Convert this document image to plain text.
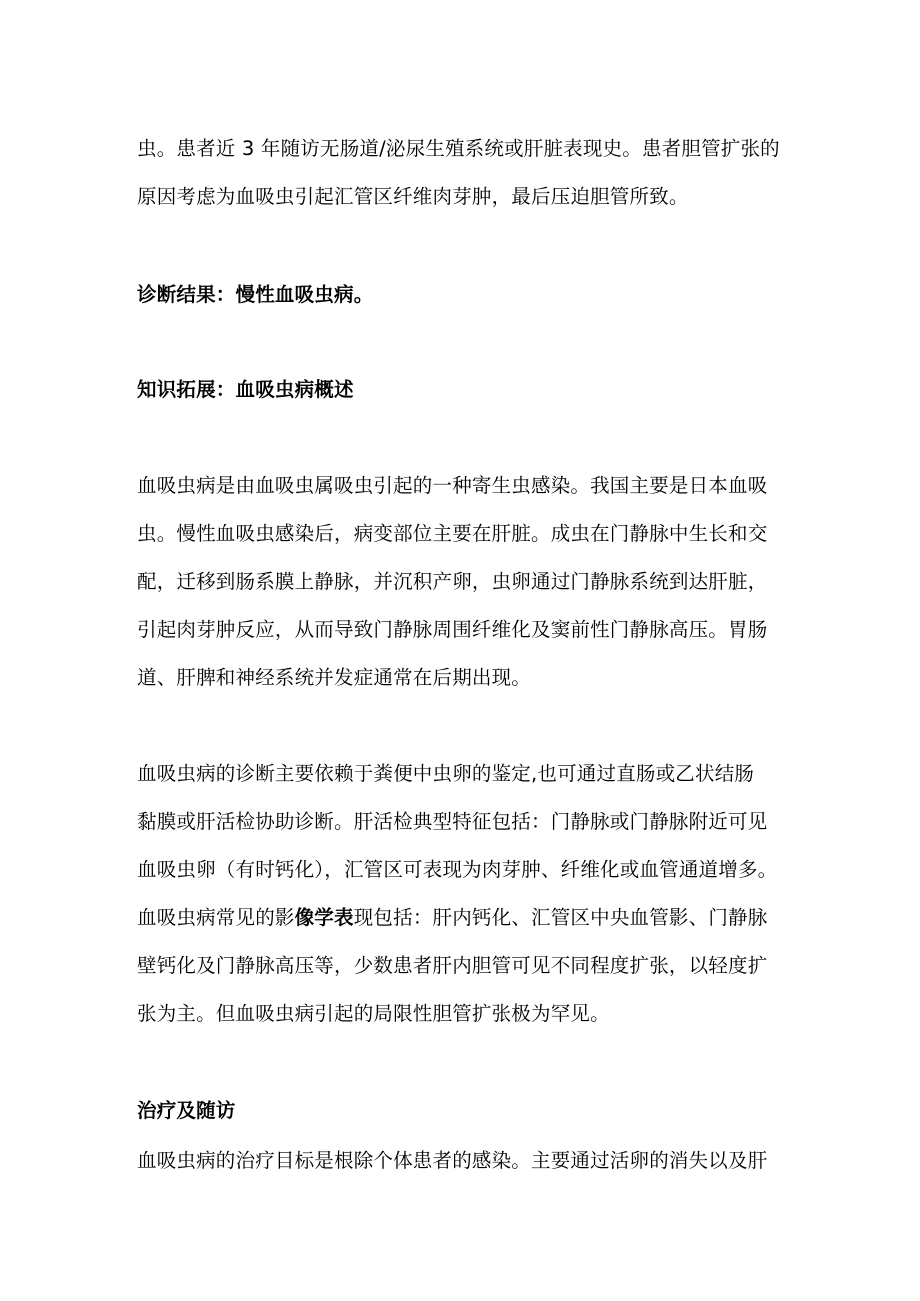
虫。患者近 3 年随访无肠道/泌尿生殖系统或肝脏表现史。患者胆管扩张的
原因考虑为血吸虫引起汇管区纤维肉芽肿，最后压迫胆管所致。
诊断结果：慢性血吸虫病。
知识拓展：血吸虫病概述
血吸虫病是由血吸虫属吸虫引起的一种寄生虫感染。我国主要是日本血吸
虫。慢性血吸虫感染后，病变部位主要在肝脏。成虫在门静脉中生长和交
配，迁移到肠系膜上静脉，并沉积产卵，虫卵通过门静脉系统到达肝脏，
引起肉芽肿反应，从而导致门静脉周围纤维化及窦前性门静脉高压。胃肠
道、肝脾和神经系统并发症通常在后期出现。
血吸虫病的诊断主要依赖于粪便中虫卵的鉴定,也可通过直肠或乙状结肠
黏膜或肝活检协助诊断。肝活检典型特征包括：门静脉或门静脉附近可见
血吸虫卵（有时钙化），汇管区可表现为肉芽肿、纤维化或血管通道增多。
血吸虫病常见的影像学表现包括：肝内钙化、汇管区中央血管影、门静脉
壁钙化及门静脉高压等，少数患者肝内胆管可见不同程度扩张，以轻度扩
张为主。但血吸虫病引起的局限性胆管扩张极为罕见。
治疗及随访
血吸虫病的治疗目标是根除个体患者的感染。主要通过活卵的消失以及肝
